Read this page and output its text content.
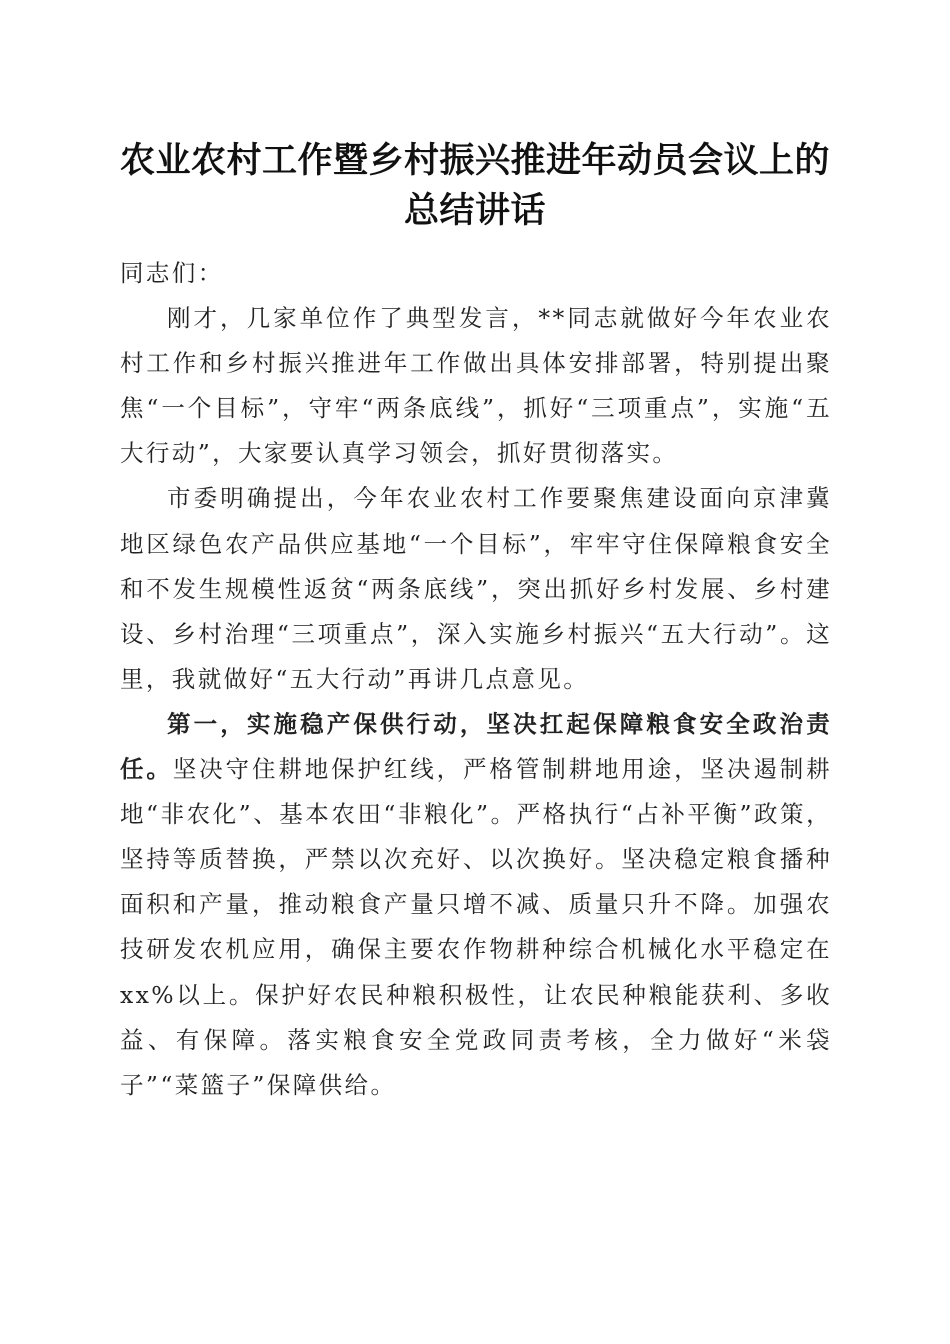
农业农村工作暨乡村振兴推进年动员会议上的
总结讲话

同志们：

刚才，几家单位作了典型发言，**同志就做好今年农业农村工作和乡村振兴推进年工作做出具体安排部署，特别提出聚焦“一个目标”，守牢“两条底线”，抓好“三项重点”，实施“五大行动”，大家要认真学习领会，抓好贯彻落实。

市委明确提出，今年农业农村工作要聚焦建设面向京津冀地区绿色农产品供应基地“一个目标”，牢牢守住保障粮食安全和不发生规模性返贫“两条底线”，突出抓好乡村发展、乡村建设、乡村治理“三项重点”，深入实施乡村振兴“五大行动”。这里，我就做好“五大行动”再讲几点意见。

第一，实施稳产保供行动，坚决扛起保障粮食安全政治责任。坚决守住耕地保护红线，严格管制耕地用途，坚决遏制耕地“非农化”、基本农田“非粮化”。严格执行“占补平衡”政策，坚持等质替换，严禁以次充好、以次换好。坚决稳定粮食播种面积和产量，推动粮食产量只增不减、质量只升不降。加强农技研发农机应用，确保主要农作物耕种综合机械化水平稳定在xx%以上。保护好农民种粮积极性，让农民种粮能获利、多收益、有保障。落实粮食安全党政同责考核，全力做好“米袋子”“菜篮子”保障供给。
